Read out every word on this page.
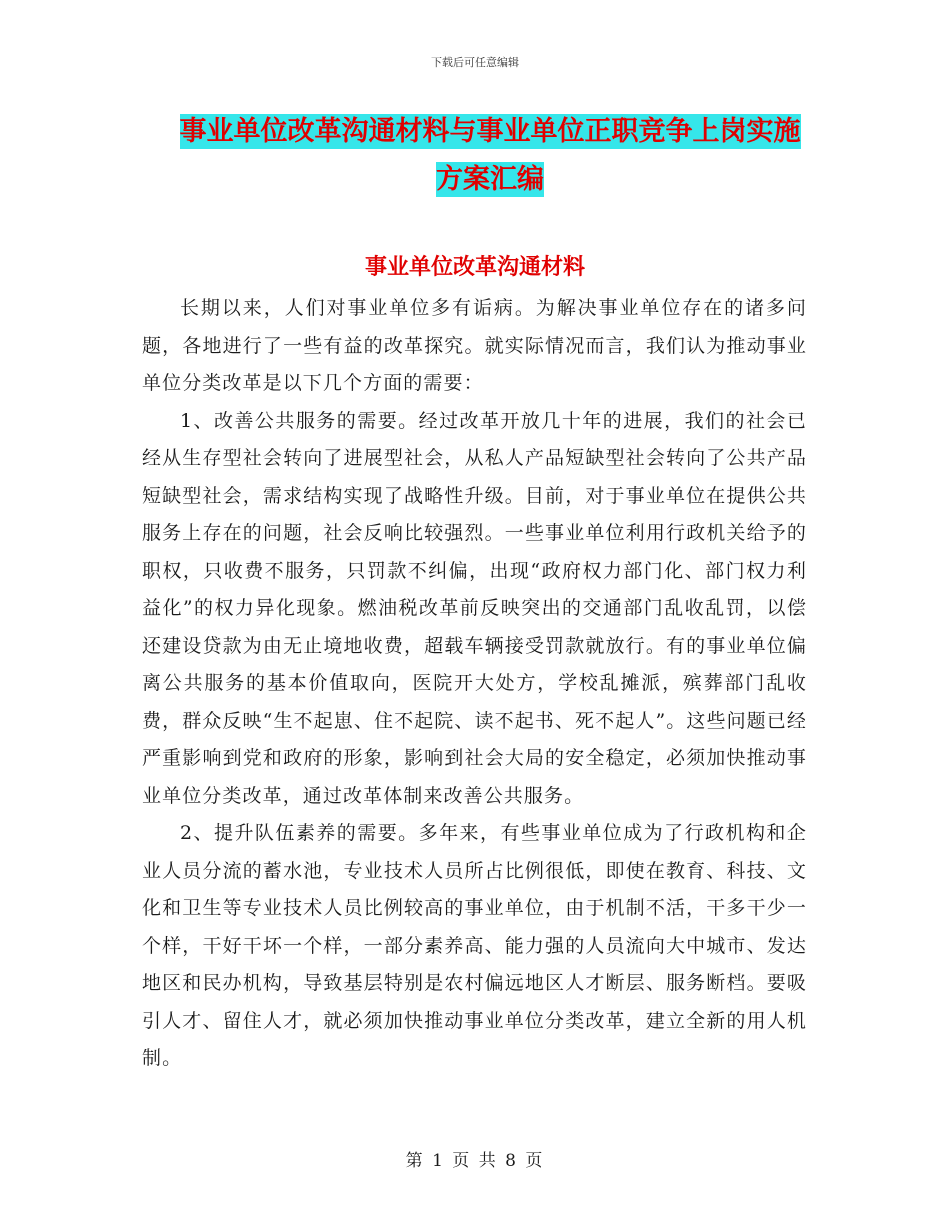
下载后可任意编辑
事业单位改革沟通材料与事业单位正职竞争上岗实施
方案汇编
事业单位改革沟通材料

长期以来，人们对事业单位多有诟病。为解决事业单位存在的诸多问题，各地进行了一些有益的改革探究。就实际情况而言，我们认为推动事业单位分类改革是以下几个方面的需要：

1、改善公共服务的需要。经过改革开放几十年的进展，我们的社会已经从生存型社会转向了进展型社会，从私人产品短缺型社会转向了公共产品短缺型社会，需求结构实现了战略性升级。目前，对于事业单位在提供公共服务上存在的问题，社会反响比较强烈。一些事业单位利用行政机关给予的职权，只收费不服务，只罚款不纠偏，出现“政府权力部门化、部门权力利益化”的权力异化现象。燃油税改革前反映突出的交通部门乱收乱罚，以偿还建设贷款为由无止境地收费，超载车辆接受罚款就放行。有的事业单位偏离公共服务的基本价值取向，医院开大处方，学校乱摊派，殡葬部门乱收费，群众反映“生不起崽、住不起院、读不起书、死不起人”。这些问题已经严重影响到党和政府的形象，影响到社会大局的安全稳定，必须加快推动事业单位分类改革，通过改革体制来改善公共服务。

2、提升队伍素养的需要。多年来，有些事业单位成为了行政机构和企业人员分流的蓄水池，专业技术人员所占比例很低，即使在教育、科技、文化和卫生等专业技术人员比例较高的事业单位，由于机制不活，干多干少一个样，干好干坏一个样，一部分素养高、能力强的人员流向大中城市、发达地区和民办机构，导致基层特别是农村偏远地区人才断层、服务断档。要吸引人才、留住人才，就必须加快推动事业单位分类改革，建立全新的用人机制。

第 1 页 共 8 页
